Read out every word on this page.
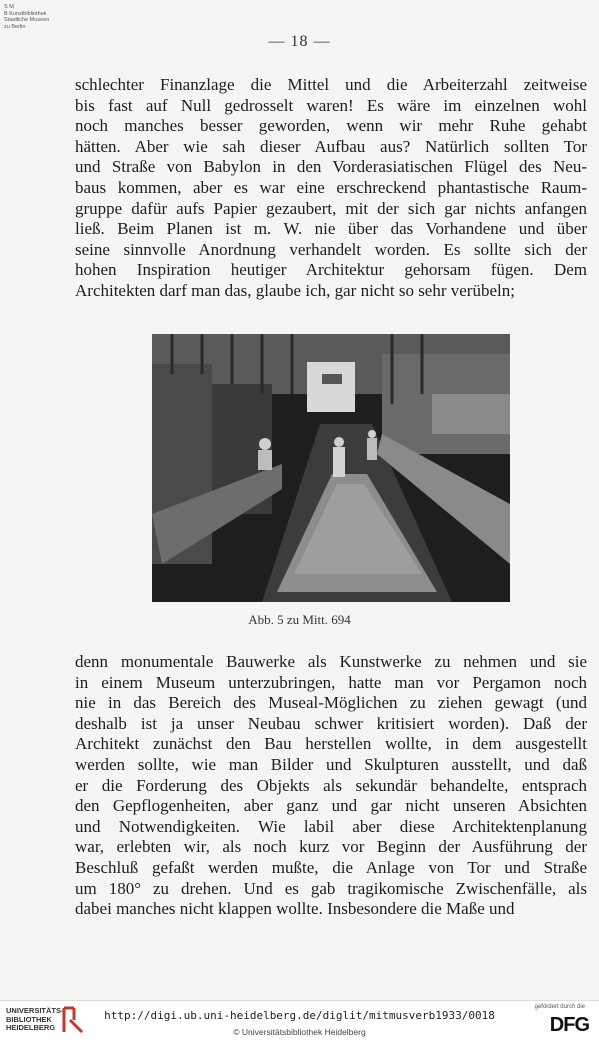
S M
B Kunstbibliothek
Staatliche Museen
zu Berlin
— 18 —
schlechter Finanzlage die Mittel und die Arbeiterzahl zeitweise
bis fast auf Null gedrosselt waren! Es wäre im einzelnen wohl
noch manches besser geworden, wenn wir mehr Ruhe gehabt
hätten. Aber wie sah dieser Aufbau aus? Natürlich sollten Tor
und Straße von Babylon in den Vorderasiatischen Flügel des Neu-
baus kommen, aber es war eine erschreckend phantastische Raum-
gruppe dafür aufs Papier gezaubert, mit der sich gar nichts anfangen
ließ. Beim Planen ist m. W. nie über das Vorhandene und über
seine sinnvolle Anordnung verhandelt worden. Es sollte sich der
hohen Inspiration heutiger Architektur gehorsam fügen. Dem
Architekten darf man das, glaube ich, gar nicht so sehr verübeln;
Abb. 5 zu Mitt. 694
denn monumentale Bauwerke als Kunstwerke zu nehmen und sie
in einem Museum unterzubringen, hatte man vor Pergamon noch
nie in das Bereich des Museal-Möglichen zu ziehen gewagt (und
deshalb ist ja unser Neubau schwer kritisiert worden). Daß der
Architekt zunächst den Bau herstellen wollte, in dem ausgestellt
werden sollte, wie man Bilder und Skulpturen ausstellt, und daß
er die Forderung des Objekts als sekundär behandelte, entsprach
den Gepflogenheiten, aber ganz und gar nicht unseren Absichten
und Notwendigkeiten. Wie labil aber diese Architektenplanung
war, erlebten wir, als noch kurz vor Beginn der Ausführung der
Beschluß gefaßt werden mußte, die Anlage von Tor und Straße
um 180° zu drehen. Und es gab tragikomische Zwischenfälle, als
dabei manches nicht klappen wollte. Insbesondere die Maße und
UNIVERSITÄTS-
BIBLIOTHEK
HEIDELBERG
http://digi.ub.uni-heidelberg.de/diglit/mitmusverb1933/0018
© Universitätsbibliothek Heidelberg
gefördert durch die
DFG
